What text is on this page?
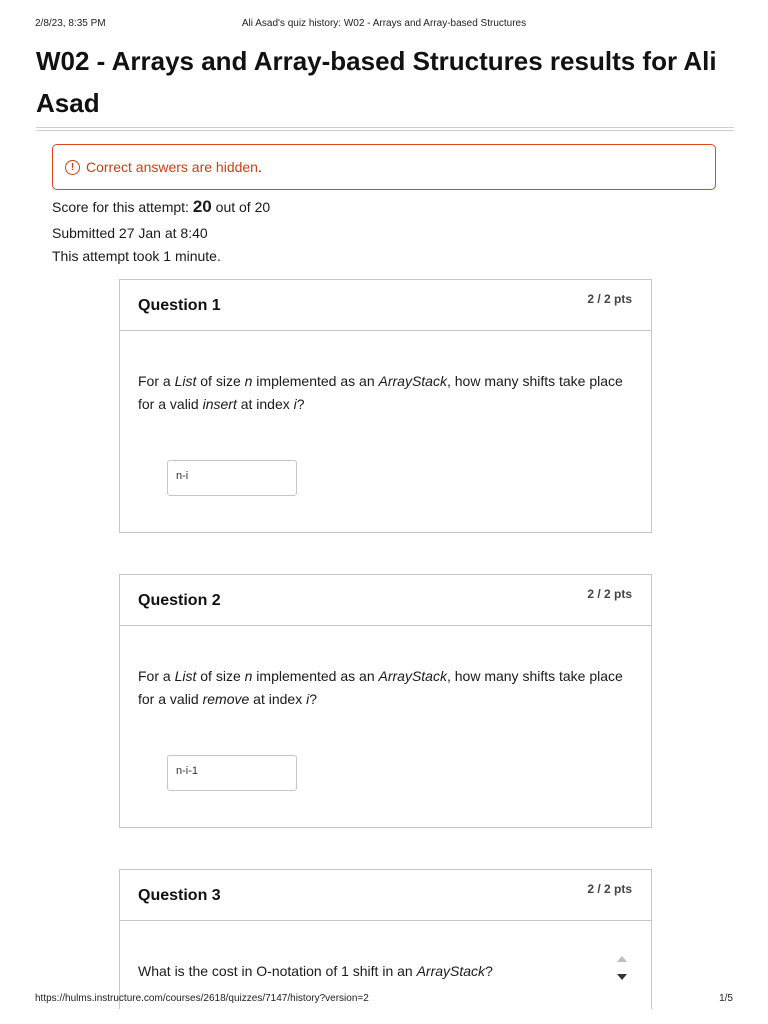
2/8/23, 8:35 PM	Ali Asad's quiz history: W02 - Arrays and Array-based Structures
W02 - Arrays and Array-based Structures results for Ali Asad
! Correct answers are hidden .
Score for this attempt: 20 out of 20
Submitted 27 Jan at 8:40
This attempt took 1 minute.
Question 1	2 / 2 pts
For a List of size n implemented as an ArrayStack, how many shifts take place for a valid insert at index i?
n-i
Question 2	2 / 2 pts
For a List of size n implemented as an ArrayStack, how many shifts take place for a valid remove at index i?
n-i-1
Question 3	2 / 2 pts
What is the cost in O-notation of 1 shift in an ArrayStack?
https://hulms.instructure.com/courses/2618/quizzes/7147/history?version=2	1/5
